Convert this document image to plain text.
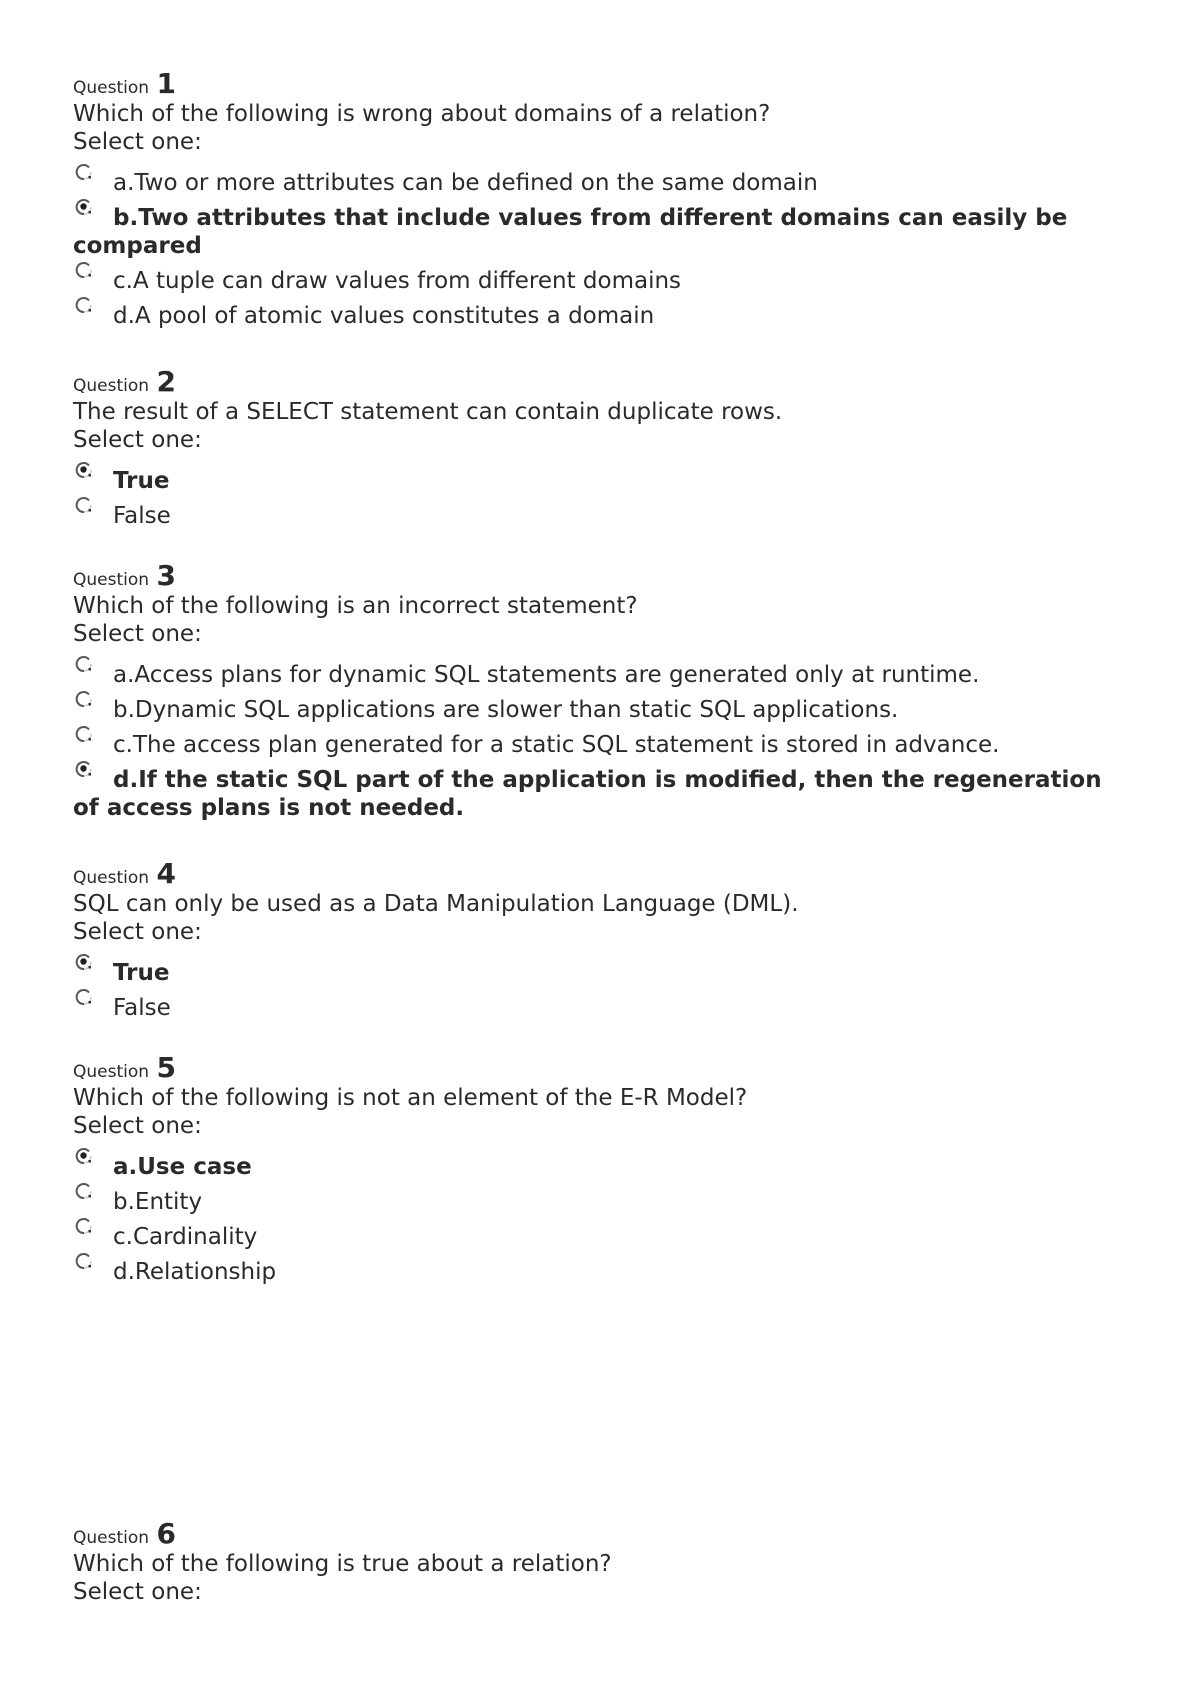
Question 1
Which of the following is wrong about domains of a relation?
Select one:
a.Two or more attributes can be defined on the same domain
b.Two attributes that include values from different domains can easily be compared
c.A tuple can draw values from different domains
d.A pool of atomic values constitutes a domain
Question 2
The result of a SELECT statement can contain duplicate rows.
Select one:
True
False
Question 3
Which of the following is an incorrect statement?
Select one:
a.Access plans for dynamic SQL statements are generated only at runtime.
b.Dynamic SQL applications are slower than static SQL applications.
c.The access plan generated for a static SQL statement is stored in advance.
d.If the static SQL part of the application is modified, then the regeneration of access plans is not needed.
Question 4
SQL can only be used as a Data Manipulation Language (DML).
Select one:
True
False
Question 5
Which of the following is not an element of the E-R Model?
Select one:
a.Use case
b.Entity
c.Cardinality
d.Relationship
Question 6
Which of the following is true about a relation?
Select one:
